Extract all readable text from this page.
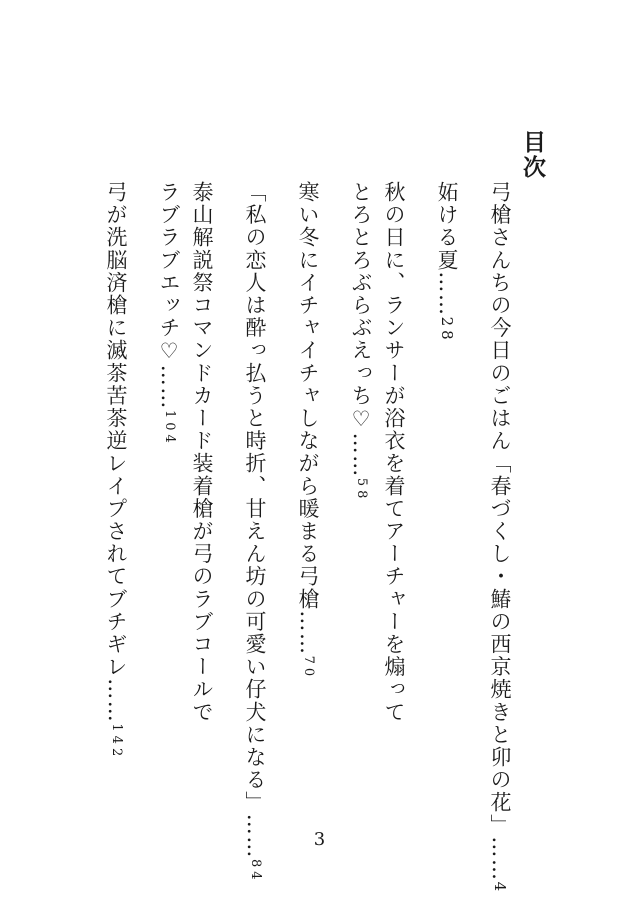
目次
弓槍さんちの今日のごはん「春づくし・鰆の西京焼きと卯の花」……4
妬ける夏……28
秋の日に、ランサーが浴衣を着てアーチャーを煽って
とろとろぶらぶえっち♡……58
寒い冬にイチャイチャしながら暖まる弓槍……70
「私の恋人は酔っ払うと時折、甘えん坊の可愛い仔犬になる」……84
泰山解説祭コマンドカード装着槍が弓のラブコールで
ラブラブエッチ♡……104
弓が洗脳済槍に滅茶苦茶逆レイプされてブチギレ……142
3
